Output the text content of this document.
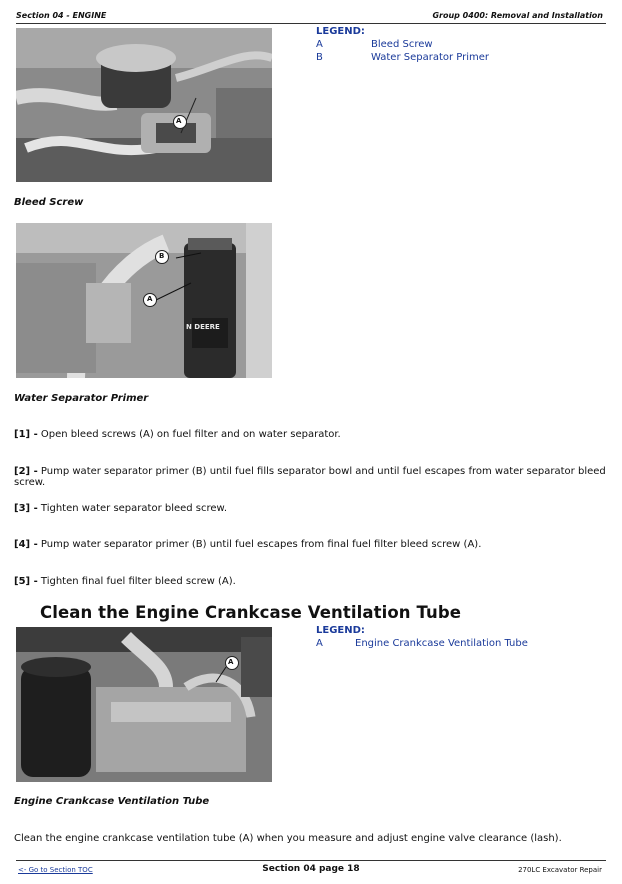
Section 04 - ENGINE	Group 0400: Removal and Installation
A
LEGEND:
A	Bleed Screw
B	Water Separator Primer
Bleed Screw
B
A
N DEERE
Water Separator Primer
[1] - Open bleed screws (A) on fuel filter and on water separator.
[2] - Pump water separator primer (B) until fuel fills separator bowl and until fuel escapes from water separator bleed screw.
[3] - Tighten water separator bleed screw.
[4] - Pump water separator primer (B) until fuel escapes from final fuel filter bleed screw (A).
[5] - Tighten final fuel filter bleed screw (A).
Clean the Engine Crankcase Ventilation Tube
A
LEGEND:
A	Engine Crankcase Ventilation Tube
Engine Crankcase Ventilation Tube
Clean the engine crankcase ventilation tube (A) when you measure and adjust engine valve clearance (lash).
<- Go to Section TOC	Section 04 page 18	270LC Excavator Repair
